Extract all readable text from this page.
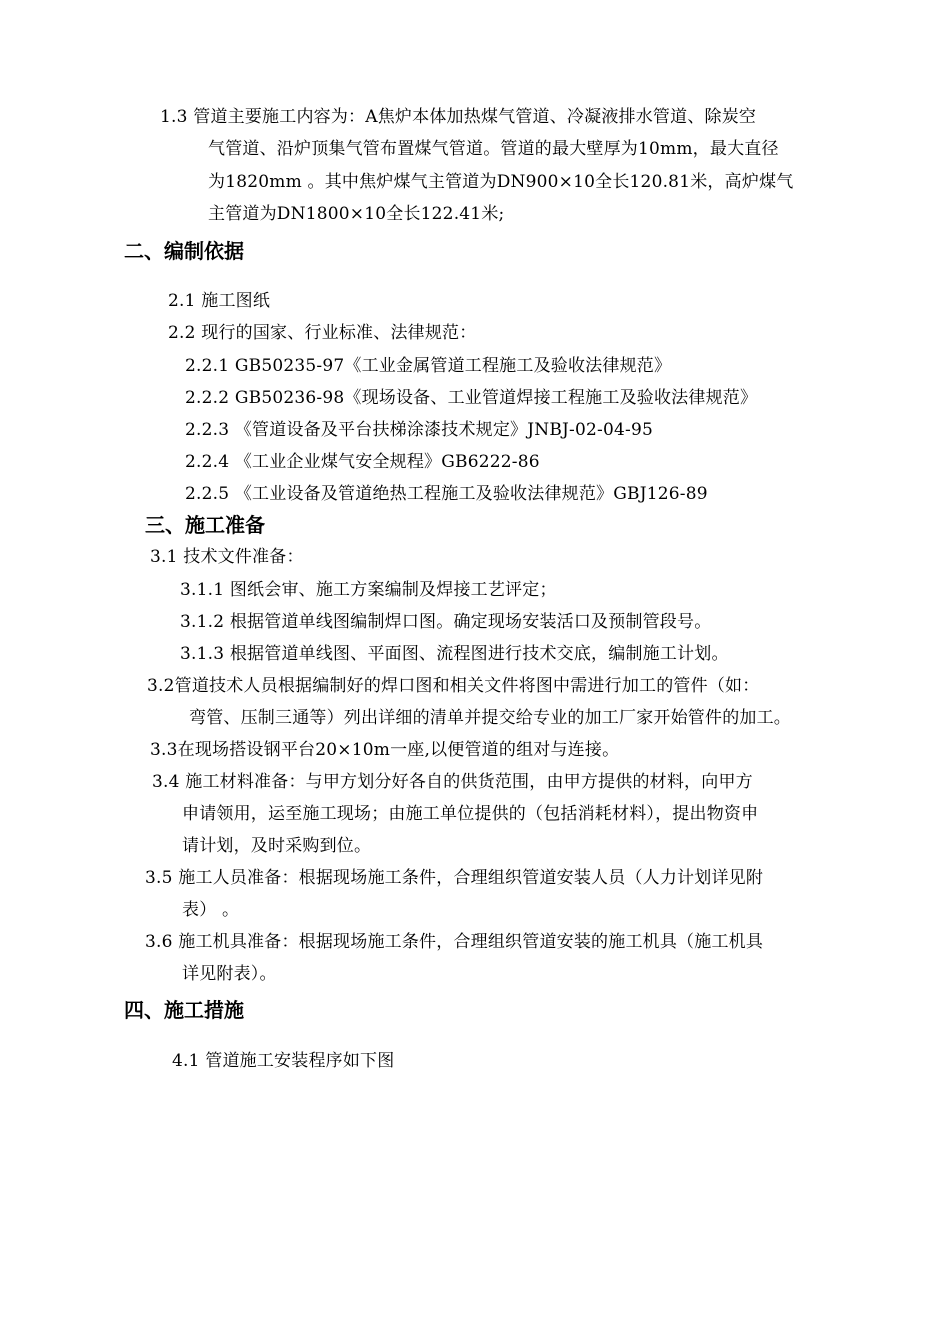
1.3 管道主要施工内容为：A焦炉本体加热煤气管道、冷凝液排水管道、除炭空
气管道、沿炉顶集气管布置煤气管道。管道的最大壁厚为10mm，最大直径
为1820mm 。其中焦炉煤气主管道为DN900×10全长120.81米，高炉煤气
主管道为DN1800×10全长122.41米;
二、编制依据
2.1 施工图纸
2.2 现行的国家、行业标准、法律规范：
2.2.1 GB50235-97《工业金属管道工程施工及验收法律规范》
2.2.2 GB50236-98《现场设备、工业管道焊接工程施工及验收法律规范》
2.2.3 《管道设备及平台扶梯涂漆技术规定》JNBJ-02-04-95
2.2.4 《工业企业煤气安全规程》GB6222-86
2.2.5 《工业设备及管道绝热工程施工及验收法律规范》GBJ126-89
三、施工准备
3.1 技术文件准备：
3.1.1 图纸会审、施工方案编制及焊接工艺评定；
3.1.2 根据管道单线图编制焊口图。确定现场安装活口及预制管段号。
3.1.3 根据管道单线图、平面图、流程图进行技术交底，编制施工计划。
3.2管道技术人员根据编制好的焊口图和相关文件将图中需进行加工的管件（如：
弯管、压制三通等）列出详细的清单并提交给专业的加工厂家开始管件的加工。
3.3在现场搭设钢平台20×10m一座,以便管道的组对与连接。
3.4 施工材料准备：与甲方划分好各自的供货范围，由甲方提供的材料，向甲方
申请领用，运至施工现场；由施工单位提供的（包括消耗材料），提出物资申
请计划，及时采购到位。
3.5 施工人员准备：根据现场施工条件，合理组织管道安装人员（人力计划详见附
表） 。
3.6 施工机具准备：根据现场施工条件，合理组织管道安装的施工机具（施工机具
详见附表）。
四、施工措施
4.1 管道施工安装程序如下图
